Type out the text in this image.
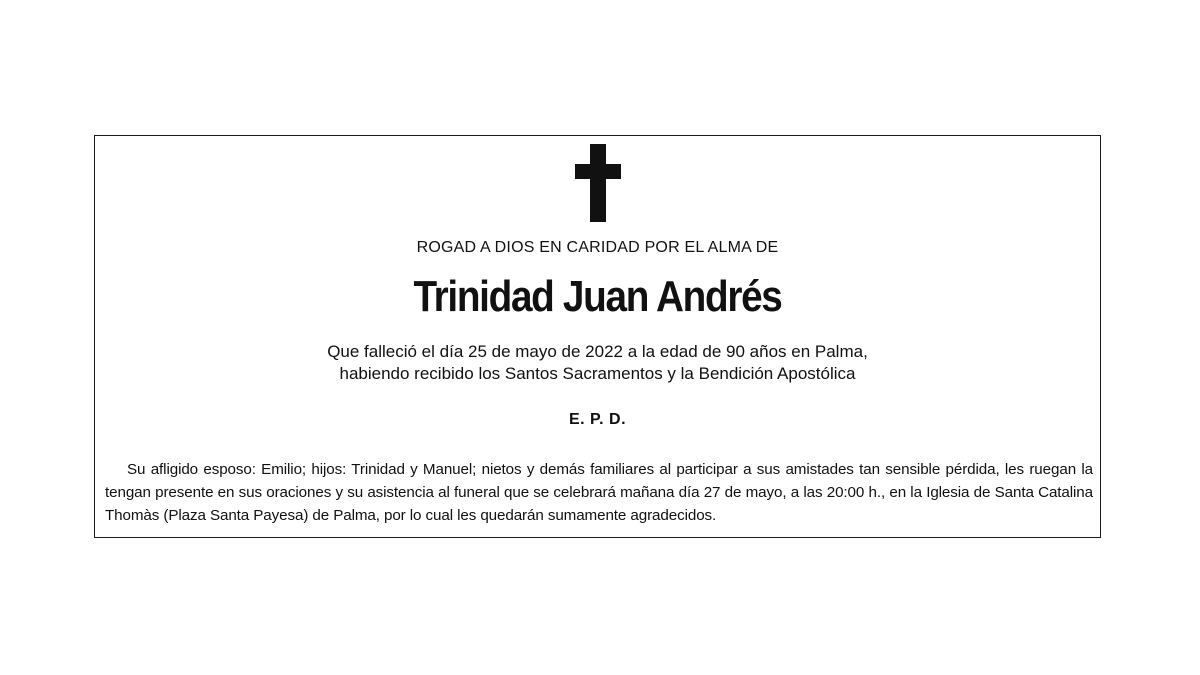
ROGAD A DIOS EN CARIDAD POR EL ALMA DE
Trinidad Juan Andrés
Que falleció el día 25 de mayo de 2022 a la edad de 90 años en Palma,
habiendo recibido los Santos Sacramentos y la Bendición Apostólica
E. P. D.
Su afligido esposo: Emilio; hijos: Trinidad y Manuel; nietos y demás familiares al participar a sus amistades tan sensible pérdida, les ruegan la tengan presente en sus oraciones y su asistencia al funeral que se celebrará mañana día 27 de mayo, a las 20:00 h., en la Iglesia de Santa Catalina Thomàs (Plaza Santa Payesa) de Palma, por lo cual les quedarán sumamente agradecidos.
